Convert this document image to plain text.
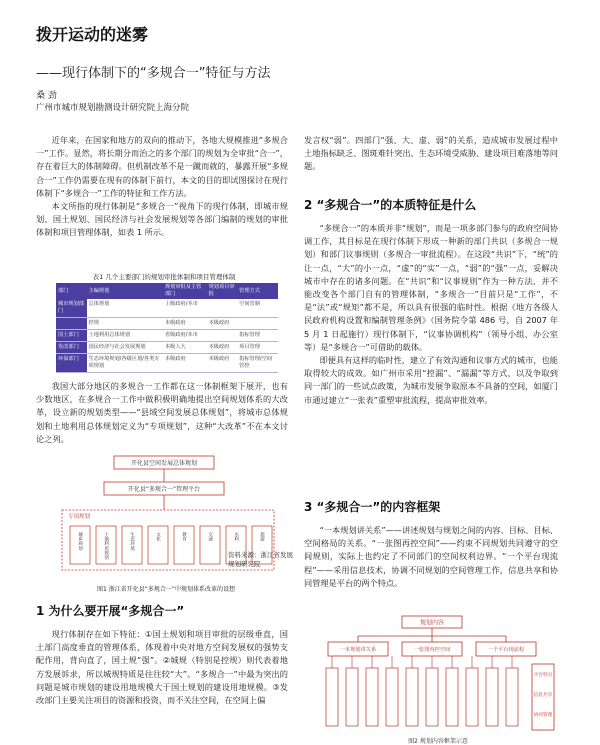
拨开运动的迷雾
——现行体制下的“多规合一”特征与方法
桑 劲
广州市城市规划勘测设计研究院上海分院

近年来，在国家和地方的双向的推动下，各地大规模推进“多规合一”工作。显然，将长期分而治之的多个部门的规划为全审批“合一”，存在着巨大的体制障碍。但机制改革不是一蹴而就的，暴露开展“多规合一”工作仍需要在现有的体制下前行，本文的目的即试图探讨在现行体制下“多规合一”工作的特征和工作方法。

本文所指的现行体制是“多规合一”视角下的现行体制，即城市规划、国土规划、国民经济与社会发展规划等各部门编制的规划的审批体制和项目管理体制，如表 1 所示。

表1 几个主要部门的规划审批体制和项目管理体制
部门	主编规划	规划审批及主管部门	规划项目审批	管理方式
城市规划部门	总体规划	上级政府/本市		空间管制
	控规	本级政府	本级政府	
国土部门	土地利用总体规划	省级政府/本市		指标管理
发改部门	国民经济与社会发展规划	本级人大	本级政府	项目管理
环保部门	生态环境规划/各级区划/各类专项规划	本级政府	本级政府	指标管理/空间管控

我国大部分地区的多规合一工作都在这一体制框架下展开，也有少数地区，在多规合一工作中做积极明确地提出空间规划体系的大改革，设立新的规划类型——“县域空间发展总体规划”，将城市总体规划和土地利用总体规划定义为“专项规划”，这种“大改革”不在本文讨论之列。

开化县空间发展总体规划
开化县“多规合一”管理平台
专项规划
城乡规划	土地利用规划	生态环境	文化	教育	交通	水利	旅游
资料来源：浙江省发展规划研究院
图1 浙江省开化县“多规合一”中规划体系改革的设想
1 为什么要开展“多规合一”

现行体制存在如下特征：①国土规划和项目审批的层级垂直，国土部门高度垂直的管理体系，体现着中央对地方空间发展权的强势支配作用，背向直了，国土规“强”。②城规（特别是控规）则代表着地方发展诉求，所以城规特质是往往较“大”。“多规合一”中最为突出的问题是城市规划的建设用地规模大于国土规划的建设用地规模。③发改部门主要关注项目的资源和投资，而不关注空间，在空间上偏

发言权“弱”。四部门“强、大、虚、弱”的关系，造成城市发展过程中土地指标缺乏、图斑难针突出、生态环境受威胁、建设项目难落地等问题。

2 “多规合一”的本质特征是什么

“多规合一”的本质并非“规划”，而是一项多部门参与的政府空间协调工作，其目标是在现行体制下形成一种新的部门共识（多规合一规划）和部门议事规则（多规合一审批流程）。在这段“共识”下，“统”的让一点，“大”的小一点，“虚”的“实”一点，“弱”的“强”一点，妥解决城市中存在的诸多问题。在“共识”和“议事规则”作为一种方法，并不能改变各个部门自有的管理体制，“多规合一”目前只是“工作”，不是“法”或“规矩”都不是，所以具有很强的临时性。根据《地方各级人民政府机构设置和编制管理条例》（国务院令第 486 号，自 2007 年 5 月 1 日起施行）现行体制下，“议事协调机构”（领导小组、办公室等）是“多规合一”可借助的载体。

即便具有这样的临时性，建立了有效沟通和议事方式的城市，也能取得较大的成效。如广州市采用“控漏”、“漏漏”等方式，以及争取到同一部门的一些试点政策，为城市发展争取原本不具备的空间，如厦门市通过建立“一张表”重塑审批流程，提高审批效率。

3 “多规合一”的内容框架

“一本规划讲关系”——讲述规划与规划之间的内容、目标、目标、空间格局的关系。“一张图再控空间”——约束不同规划共同遵守的空间规则，实际上也约定了不同部门的空间权利边界。“一个平台现流程”——采用信息技术，协调不同规划的空间管理工作，信息共享和协同管理是平台的两个特点。

规划内容
一本规划讲关系	一张图再控空间	一个平台现流程
平台特点
信息共享
协同管理
图2 规划内容框架示意
